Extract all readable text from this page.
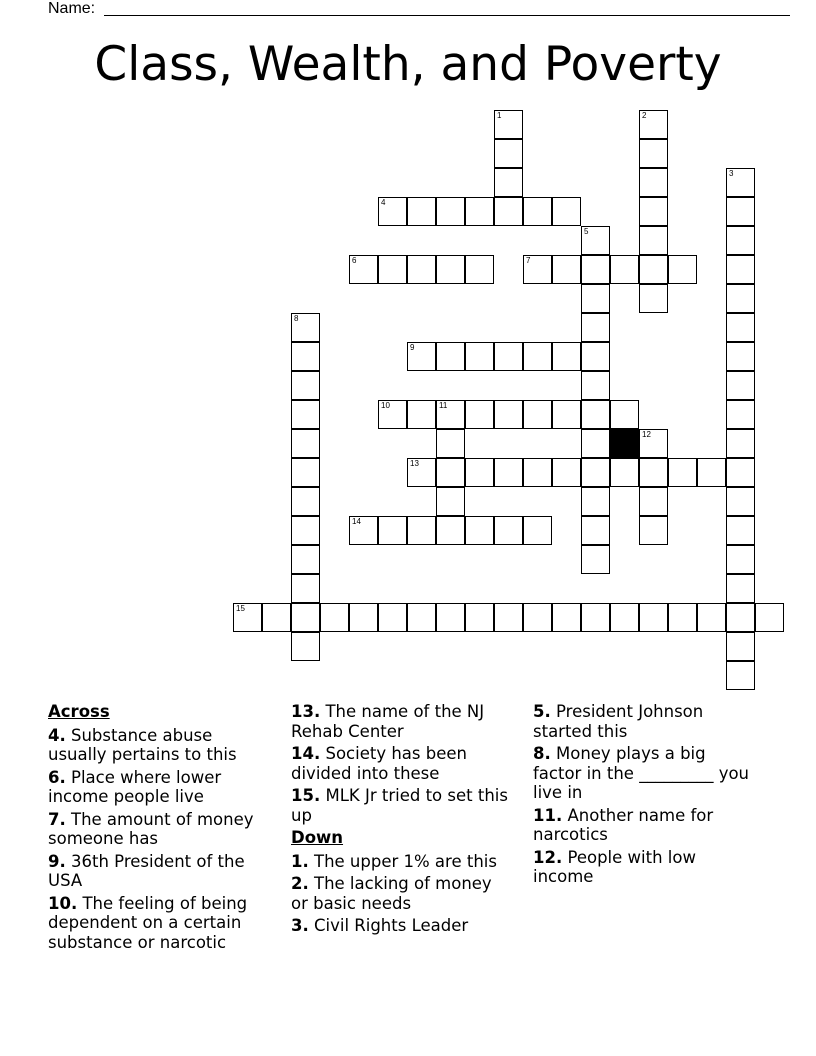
Name:
Class, Wealth, and Poverty
1	2
3
4
5
6	7
8
9
10	11
12
13
14
15
Across
4. Substance abuse usually pertains to this
6. Place where lower income people live
7. The amount of money someone has
9. 36th President of the USA
10. The feeling of being dependent on a certain substance or narcotic
13. The name of the NJ Rehab Center
14. Society has been divided into these
15. MLK Jr tried to set this up
Down
1. The upper 1% are this
2. The lacking of money or basic needs
3. Civil Rights Leader
5. President Johnson started this
8. Money plays a big factor in the _________ you live in
11. Another name for narcotics
12. People with low income
